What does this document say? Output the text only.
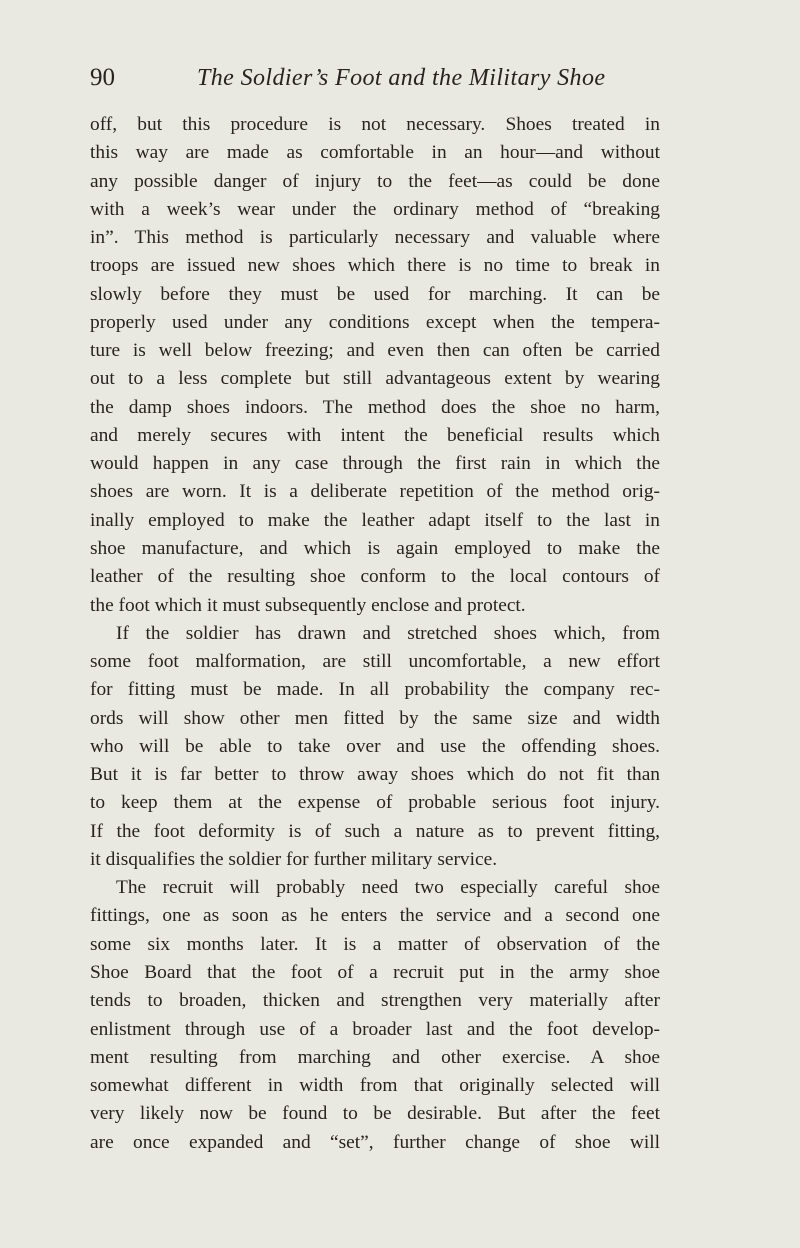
90	The Soldier’s Foot and the Military Shoe
off, but this procedure is not necessary. Shoes treated in
this way are made as comfortable in an hour—and without
any possible danger of injury to the feet—as could be done
with a week’s wear under the ordinary method of “breaking
in”. This method is particularly necessary and valuable where
troops are issued new shoes which there is no time to break in
slowly before they must be used for marching. It can be
properly used under any conditions except when the tempera-
ture is well below freezing; and even then can often be carried
out to a less complete but still advantageous extent by wearing
the damp shoes indoors. The method does the shoe no harm,
and merely secures with intent the beneficial results which
would happen in any case through the first rain in which the
shoes are worn. It is a deliberate repetition of the method orig-
inally employed to make the leather adapt itself to the last in
shoe manufacture, and which is again employed to make the
leather of the resulting shoe conform to the local contours of
the foot which it must subsequently enclose and protect.
If the soldier has drawn and stretched shoes which, from
some foot malformation, are still uncomfortable, a new effort
for fitting must be made. In all probability the company rec-
ords will show other men fitted by the same size and width
who will be able to take over and use the offending shoes.
But it is far better to throw away shoes which do not fit than
to keep them at the expense of probable serious foot injury.
If the foot deformity is of such a nature as to prevent fitting,
it disqualifies the soldier for further military service.
The recruit will probably need two especially careful shoe
fittings, one as soon as he enters the service and a second one
some six months later. It is a matter of observation of the
Shoe Board that the foot of a recruit put in the army shoe
tends to broaden, thicken and strengthen very materially after
enlistment through use of a broader last and the foot develop-
ment resulting from marching and other exercise. A shoe
somewhat different in width from that originally selected will
very likely now be found to be desirable. But after the feet
are once expanded and “set”, further change of shoe will
